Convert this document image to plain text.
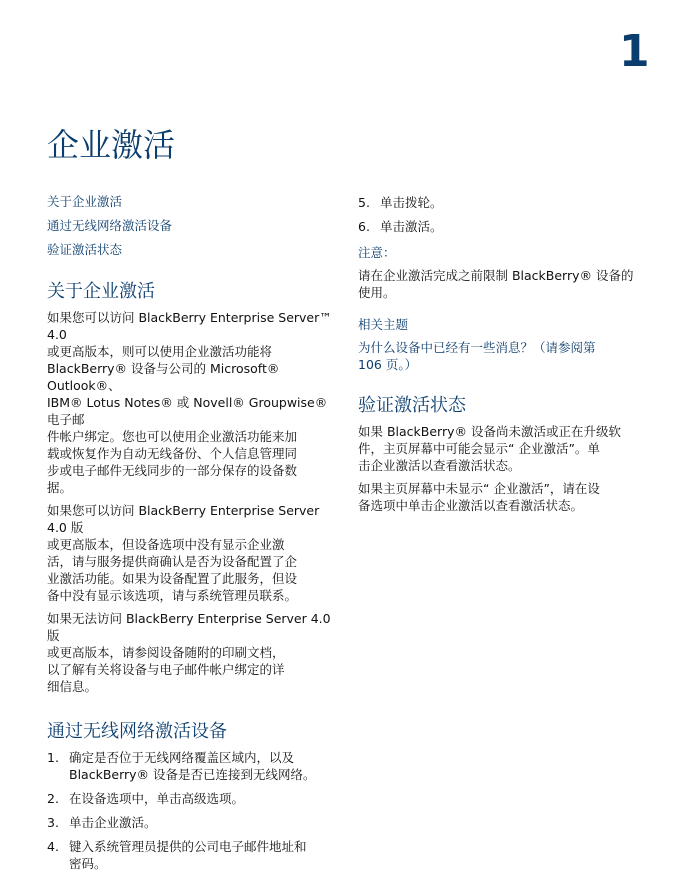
1
企业激活
关于企业激活
通过无线网络激活设备
验证激活状态
关于企业激活

如果您可以访问 BlackBerry Enterprise Server™ 4.0
或更高版本，则可以使用企业激活功能将
BlackBerry® 设备与公司的 Microsoft® Outlook®、
IBM® Lotus Notes® 或 Novell® Groupwise® 电子邮
件帐户绑定。您也可以使用企业激活功能来加
载或恢复作为自动无线备份、个人信息管理同
步或电子邮件无线同步的一部分保存的设备数
据。

如果您可以访问 BlackBerry Enterprise Server 4.0 版
或更高版本，但设备选项中没有显示企业激
活，请与服务提供商确认是否为设备配置了企
业激活功能。如果为设备配置了此服务，但设
备中没有显示该选项，请与系统管理员联系。

如果无法访问 BlackBerry Enterprise Server 4.0 版
或更高版本，请参阅设备随附的印刷文档，
以了解有关将设备与电子邮件帐户绑定的详
细信息。

通过无线网络激活设备
1. 确定是否位于无线网络覆盖区域内，以及
BlackBerry® 设备是否已连接到无线网络。
2. 在设备选项中，单击高级选项。
3. 单击企业激活。
4. 键入系统管理员提供的公司电子邮件地址和
密码。
5. 单击拨轮。
6. 单击激活。
注意：

请在企业激活完成之前限制 BlackBerry® 设备的
使用。

相关主题
为什么设备中已经有一些消息？（请参阅第
106 页。）
验证激活状态

如果 BlackBerry® 设备尚未激活或正在升级软
件，主页屏幕中可能会显示“ 企业激活”。单
击企业激活以查看激活状态。

如果主页屏幕中未显示“ 企业激活”，请在设
备选项中单击企业激活以查看激活状态。
